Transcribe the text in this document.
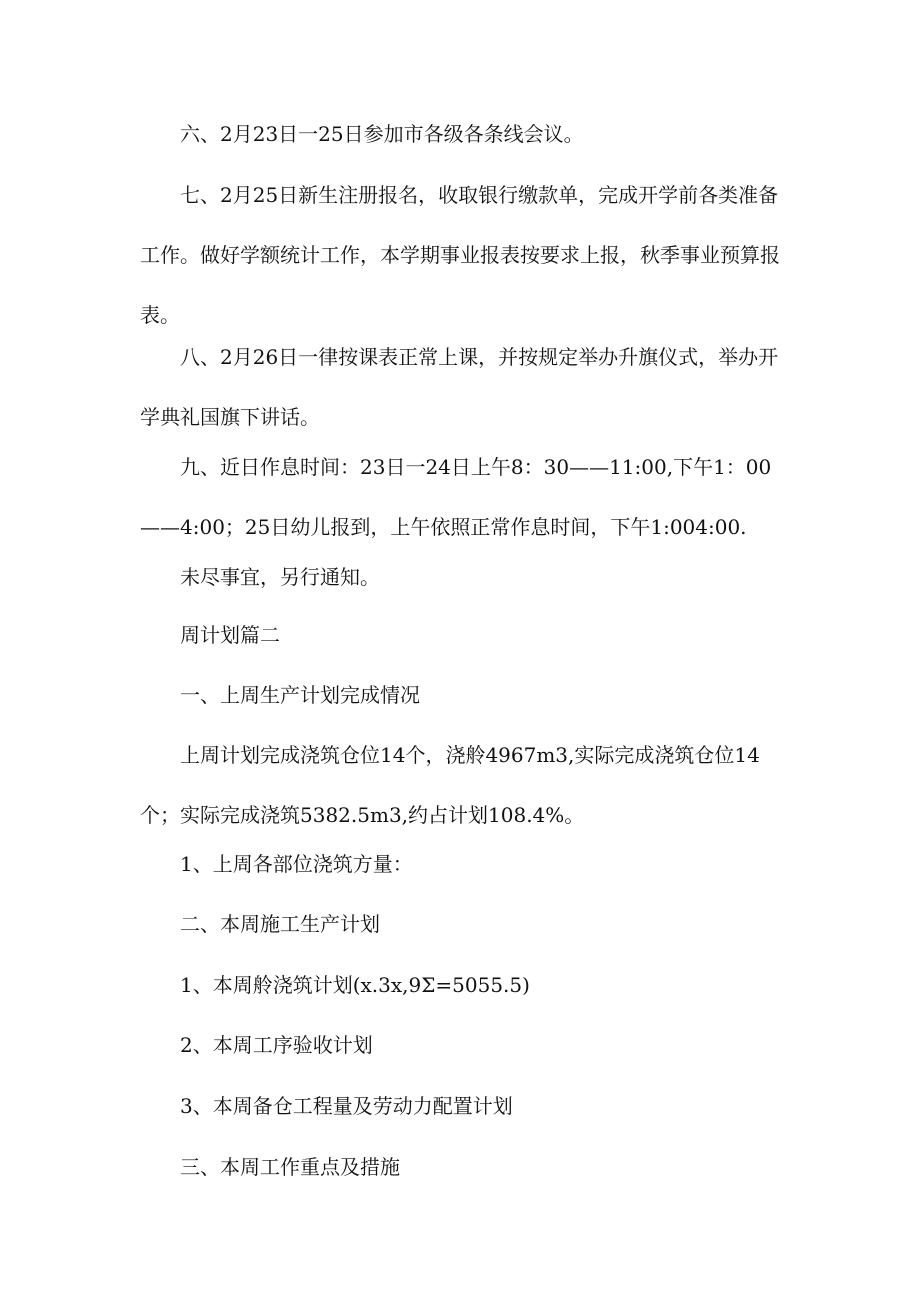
六、2月23日一25日参加市各级各条线会议。

七、2月25日新生注册报名，收取银行缴款单，完成开学前各类准备工作。做好学额统计工作，本学期事业报表按要求上报，秋季事业预算报表。

八、2月26日一律按课表正常上课，并按规定举办升旗仪式，举办开学典礼国旗下讲话。

九、近日作息时间：23日一24日上午8：30——11:00,下午1：00——4:00；25日幼儿报到，上午依照正常作息时间，下午1:004:00.

未尽事宜，另行通知。

周计划篇二

一、上周生产计划完成情况

上周计划完成浇筑仓位14个，浇舲4967m3,实际完成浇筑仓位14个；实际完成浇筑5382.5m3,约占计划108.4%。

1、上周各部位浇筑方量：

二、本周施工生产计划

1、本周舲浇筑计划(x.3x,9Σ=5055.5)

2、本周工序验收计划

3、本周备仓工程量及劳动力配置计划

三、本周工作重点及措施
